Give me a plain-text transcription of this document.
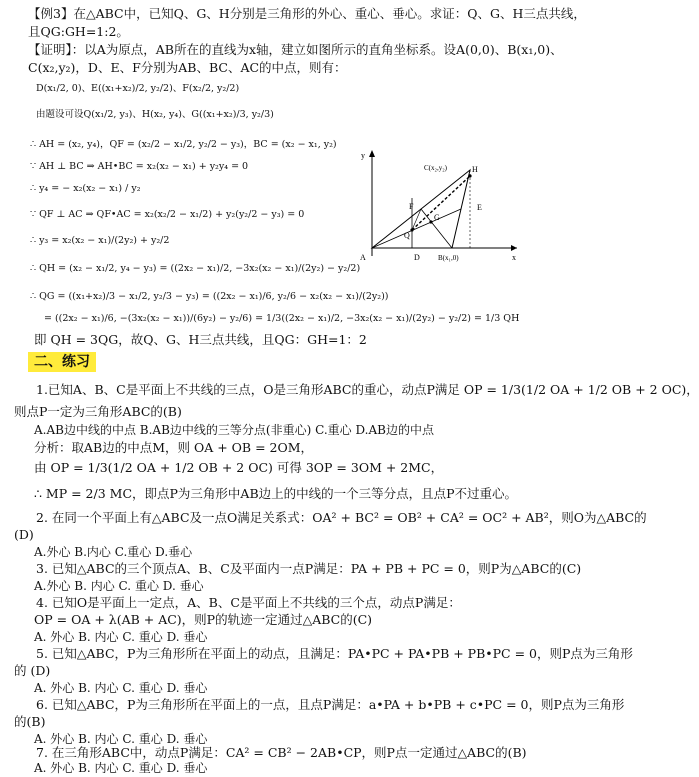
【例3】在△ABC中，已知Q、G、H分别是三角形的外心、重心、垂心。求证：Q、G、H三点共线，
且QG:GH=1:2。
【证明】：以A为原点，AB所在的直线为x轴，建立如图所示的直角坐标系。设A(0,0)、B(x₁,0)、
C(x₂,y₂)，D、E、F分别为AB、BC、AC的中点，则有：
D(x₁/2, 0)、E((x₁+x₂)/2, y₂/2)、F(x₂/2, y₂/2)
由题设可设Q(x₁/2, y₃)、H(x₂, y₄)、G((x₁+x₂)/3, y₂/3)
∴ AH = (x₂, y₄)，QF = (x₂/2 − x₁/2, y₂/2 − y₃)，BC = (x₂ − x₁, y₂)
∵ AH ⊥ BC ⇒ AH•BC = x₂(x₂ − x₁) + y₂y₄ = 0
∴ y₄ = − x₂(x₂ − x₁) / y₂
∵ QF ⊥ AC ⇒ QF•AC = x₂(x₂/2 − x₁/2) + y₂(y₂/2 − y₃) = 0
∴ y₃ = x₂(x₂ − x₁)/(2y₂) + y₂/2
∴ QH = (x₂ − x₁/2, y₄ − y₃) = ((2x₂ − x₁)/2, −3x₂(x₂ − x₁)/(2y₂) − y₂/2)
∴ QG = ((x₁+x₂)/3 − x₁/2, y₂/3 − y₃) = ((2x₂ − x₁)/6, y₂/6 − x₂(x₂ − x₁)/(2y₂))
= ((2x₂ − x₁)/6, −(3x₂(x₂ − x₁))/(6y₂) − y₂/6) = 1/3((2x₂ − x₁)/2, −3x₂(x₂ − x₁)/(2y₂) − y₂/2) = 1/3 QH
即 QH = 3QG，故Q、G、H三点共线，且QG：GH=1：2
y
x
C(x₂,y₂)
A	D	B(x₁,0)
F	E
H
G
Q
二、练习
1.已知A、B、C是平面上不共线的三点，O是三角形ABC的重心，动点P满足 OP = 1/3(1/2 OA + 1/2 OB + 2 OC)，
则点P一定为三角形ABC的(B)
A.AB边中线的中点 B.AB边中线的三等分点(非重心) C.重心 D.AB边的中点
分析：取AB边的中点M，则 OA + OB = 2OM，
由 OP = 1/3(1/2 OA + 1/2 OB + 2 OC) 可得 3OP = 3OM + 2MC，
∴ MP = 2/3 MC，即点P为三角形中AB边上的中线的一个三等分点，且点P不过重心。
2. 在同一个平面上有△ABC及一点O满足关系式：OA² + BC² = OB² + CA² = OC² + AB²，则O为△ABC的
(D)
A.外心 B.内心 C.重心 D.垂心
3. 已知△ABC的三个顶点A、B、C及平面内一点P满足：PA + PB + PC = 0，则P为△ABC的(C)
A.外心 B. 内心 C. 重心 D. 垂心
4. 已知O是平面上一定点，A、B、C是平面上不共线的三个点，动点P满足：
OP = OA + λ(AB + AC)，则P的轨迹一定通过△ABC的(C)
A. 外心 B. 内心 C. 重心 D. 垂心
5. 已知△ABC，P为三角形所在平面上的动点，且满足：PA•PC + PA•PB + PB•PC = 0，则P点为三角形
的 (D)
A. 外心 B. 内心 C. 重心 D. 垂心
6. 已知△ABC，P为三角形所在平面上的一点，且点P满足：a•PA + b•PB + c•PC = 0，则P点为三角形
的(B)
A. 外心 B. 内心 C. 重心 D. 垂心
7. 在三角形ABC中，动点P满足：CA² = CB² − 2AB•CP，则P点一定通过△ABC的(B)
A. 外心 B. 内心 C. 重心 D. 垂心
